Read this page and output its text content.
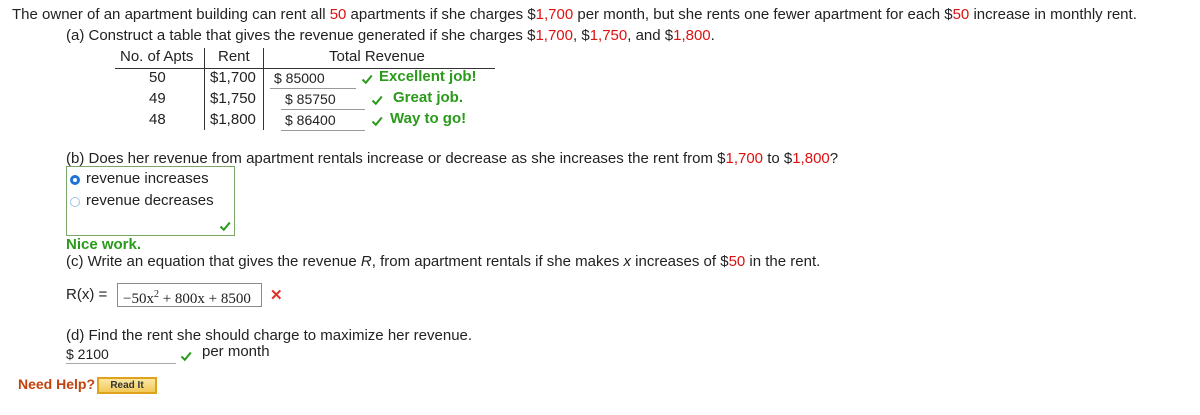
The owner of an apartment building can rent all 50 apartments if she charges $1,700 per month, but she rents one fewer apartment for each $50 increase in monthly rent.
(a) Construct a table that gives the revenue generated if she charges $1,700, $1,750, and $1,800.
No. of Apts Rent	Total Revenue
50	$1,700 $ 85000	Excellent job!
49	$1,750 $ 85750	Great job.
48	$1,800 $ 86400	Way to go!
(b) Does her revenue from apartment rentals increase or decrease as she increases the rent from $1,700 to $1,800?
revenue increases
revenue decreases
Nice work.
(c) Write an equation that gives the revenue R, from apartment rentals if she makes x increases of $50 in the rent.
R(x) =	$-50x^2 + 800x + 8500$	✕
(d) Find the rent she should charge to maximize her revenue.
$ 2100	per month
Need Help?	Read It
